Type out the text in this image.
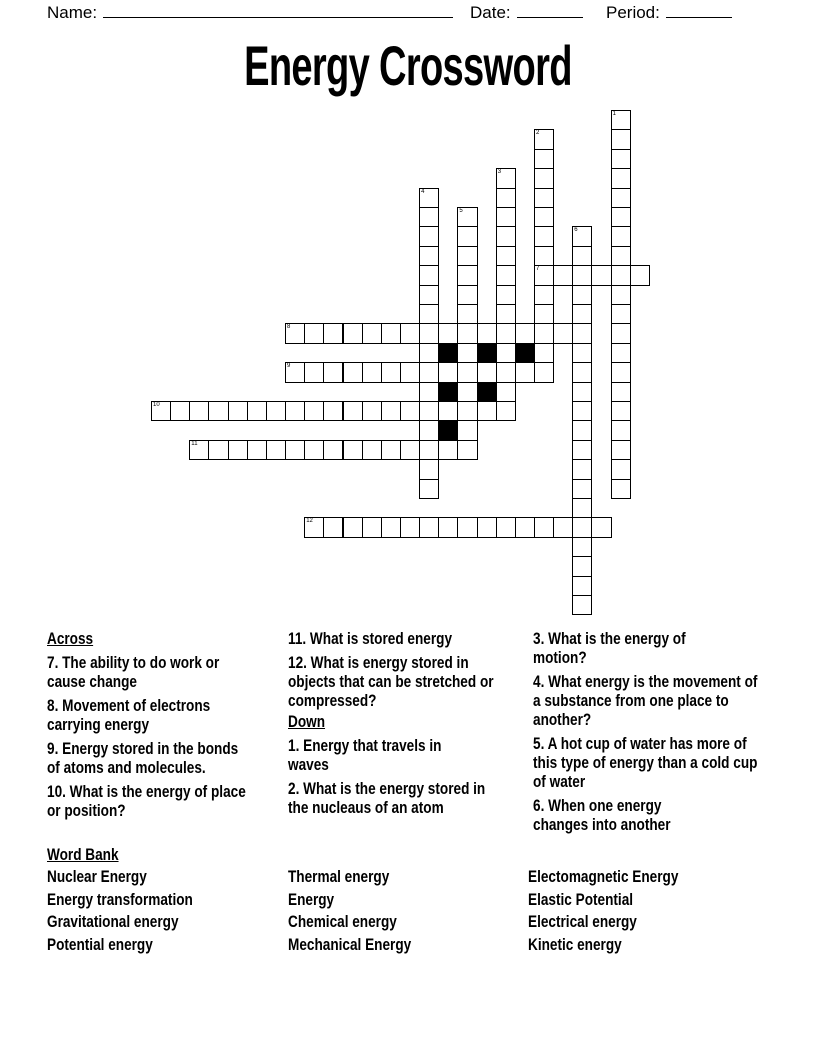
Name:	Date:	Period:
Energy Crossword
7
8
9
10
11
12
1
2
3
4
5
6
Across
7. The ability to do work or cause change
8. Movement of electrons carrying energy
9. Energy stored in the bonds of atoms and molecules.
10. What is the energy of place or position?
11. What is stored energy
12. What is energy stored in objects that can be stretched or compressed?
Down
1. Energy that travels in waves
2. What is the energy stored in the nucleaus of an atom
3. What is the energy of motion?
4. What energy is the movement of a substance from one place to another?
5. A hot cup of water has more of this type of energy than a cold cup of water
6. When one energy changes into another
Word Bank
Nuclear Energy
Energy transformation
Gravitational energy
Potential energy
Thermal energy
Energy
Chemical energy
Mechanical Energy
Electomagnetic Energy
Elastic Potential
Electrical energy
Kinetic energy
